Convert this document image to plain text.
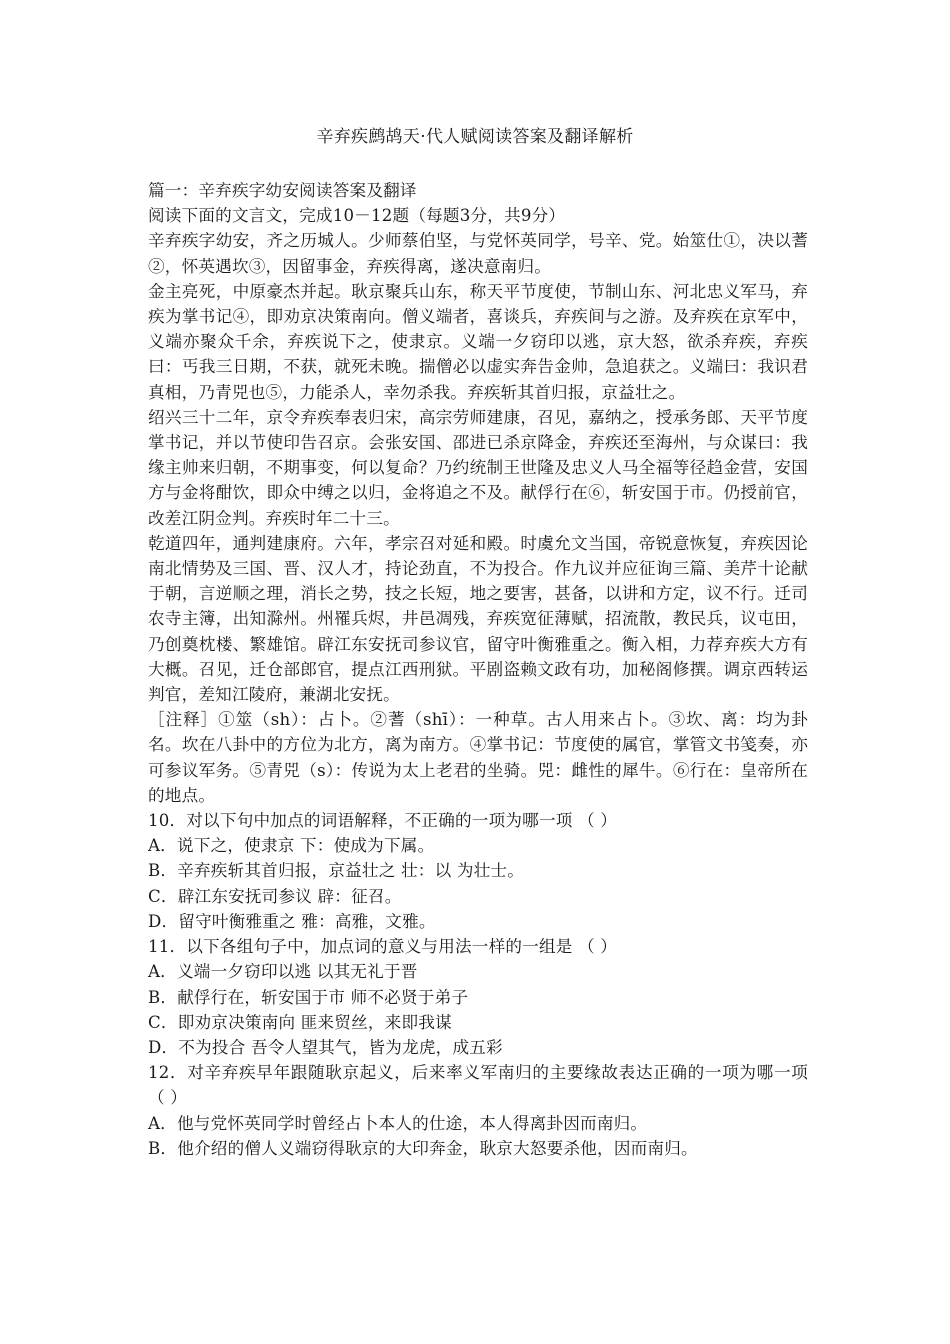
辛弃疾鹧鸪天·代人赋阅读答案及翻译解析

篇一：辛弃疾字幼安阅读答案及翻译

阅读下面的文言文，完成10－12题（每题3分，共9分）

辛弃疾字幼安，齐之历城人。少师蔡伯坚，与党怀英同学，号辛、党。始筮仕①，决以蓍②，怀英遇坎③，因留事金，弃疾得离，遂决意南归。

金主亮死，中原豪杰并起。耿京聚兵山东，称天平节度使，节制山东、河北忠义军马，弃疾为掌书记④，即劝京决策南向。僧义端者，喜谈兵，弃疾间与之游。及弃疾在京军中，义端亦聚众千余，弃疾说下之，使隶京。义端一夕窃印以逃，京大怒，欲杀弃疾，弃疾曰：丐我三日期，不获，就死未晚。揣僧必以虚实奔告金帅，急追获之。义端曰：我识君真相，乃青兕也⑤，力能杀人，幸勿杀我。弃疾斩其首归报，京益壮之。

绍兴三十二年，京令弃疾奉表归宋，高宗劳师建康，召见，嘉纳之，授承务郎、天平节度掌书记，并以节使印告召京。会张安国、邵进已杀京降金，弃疾还至海州，与众谋曰：我缘主帅来归朝，不期事变，何以复命？乃约统制王世隆及忠义人马全福等径趋金营，安国方与金将酣饮，即众中缚之以归，金将追之不及。献俘行在⑥，斩安国于市。仍授前官，改差江阴佥判。弃疾时年二十三。

乾道四年，通判建康府。六年，孝宗召对延和殿。时虞允文当国，帝锐意恢复，弃疾因论南北情势及三国、晋、汉人才，持论劲直，不为投合。作九议并应征询三篇、美芹十论献于朝，言逆顺之理，消长之势，技之长短，地之要害，甚备，以讲和方定，议不行。迁司农寺主簿，出知滁州。州罹兵烬，井邑凋残，弃疾宽征薄赋，招流散，教民兵，议屯田，乃创奠枕楼、繁雄馆。辟江东安抚司参议官，留守叶衡雅重之。衡入相，力荐弃疾大方有大概。召见，迁仓部郎官，提点江西刑狱。平剧盗赖文政有功，加秘阁修撰。调京西转运判官，差知江陵府，兼湖北安抚。

［注释］①筮（sh）：占卜。②蓍（shī）：一种草。古人用来占卜。③坎、离：均为卦名。坎在八卦中的方位为北方，离为南方。④掌书记：节度使的属官，掌管文书笺奏，亦可参议军务。⑤青兕（s）：传说为太上老君的坐骑。兕：雌性的犀牛。⑥行在：皇帝所在的地点。

10．对以下句中加点的词语解释，不正确的一项为哪一项 （ ）

A．说下之，使隶京 下：使成为下属。

B．辛弃疾斩其首归报，京益壮之 壮：以 为壮士。

C．辟江东安抚司参议 辟：征召。

D．留守叶衡雅重之 雅：高雅，文雅。

11．以下各组句子中，加点词的意义与用法一样的一组是 （ ）

A．义端一夕窃印以逃 以其无礼于晋

B．献俘行在，斩安国于市 师不必贤于弟子

C．即劝京决策南向 匪来贸丝，来即我谋

D．不为投合 吾令人望其气，皆为龙虎，成五彩

12．对辛弃疾早年跟随耿京起义，后来率义军南归的主要缘故表达正确的一项为哪一项 （ ）

A．他与党怀英同学时曾经占卜本人的仕途，本人得离卦因而南归。

B．他介绍的僧人义端窃得耿京的大印奔金，耿京大怒要杀他，因而南归。
